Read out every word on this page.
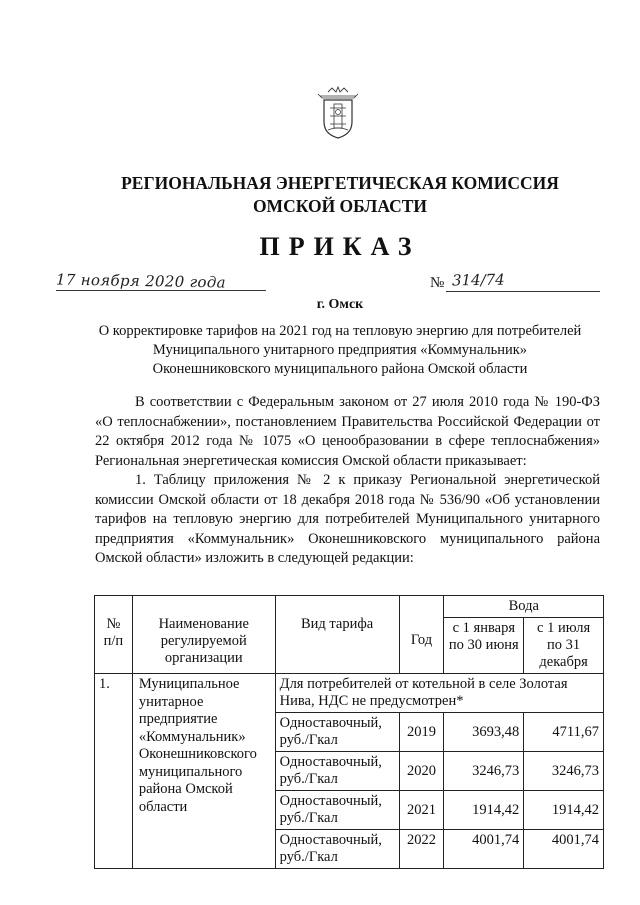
РЕГИОНАЛЬНАЯ ЭНЕРГЕТИЧЕСКАЯ КОМИССИЯ
ОМСКОЙ ОБЛАСТИ
ПРИКАЗ
17 ноября 2020 года	№ 314/74
г. Омск
О корректировке тарифов на 2021 год на тепловую энергию для потребителей
Муниципального унитарного предприятия «Коммунальник»
Оконешниковского муниципального района Омской области

В соответствии с Федеральным законом от 27 июля 2010 года № 190-ФЗ «О теплоснабжении», постановлением Правительства Российской Федерации от 22 октября 2012 года № 1075 «О ценообразовании в сфере теплоснабжения» Региональная энергетическая комиссия Омской области приказывает:

1. Таблицу приложения № 2 к приказу Региональной энергетической комиссии Омской области от 18 декабря 2018 года № 536/90 «Об установлении тарифов на тепловую энергию для потребителей Муниципального унитарного предприятия «Коммунальник» Оконешниковского муниципального района Омской области» изложить в следующей редакции:

№ п/п	Наименование регулируемой организации	Вид тарифа	Год	Вода	
				с 1 января по 30 июня	с 1 июля по 31 декабря
1.	Муниципальное унитарное предприятие «Коммунальник» Оконешниковского муниципального района Омской области	Для потребителей от котельной в селе Золотая Нива, НДС не предусмотрен*			
		Одноставочный, руб./Гкал	2019	3693,48	4711,67
		Одноставочный, руб./Гкал	2020	3246,73	3246,73
		Одноставочный, руб./Гкал	2021	1914,42	1914,42
		Одноставочный, руб./Гкал	2022	4001,74	4001,74
